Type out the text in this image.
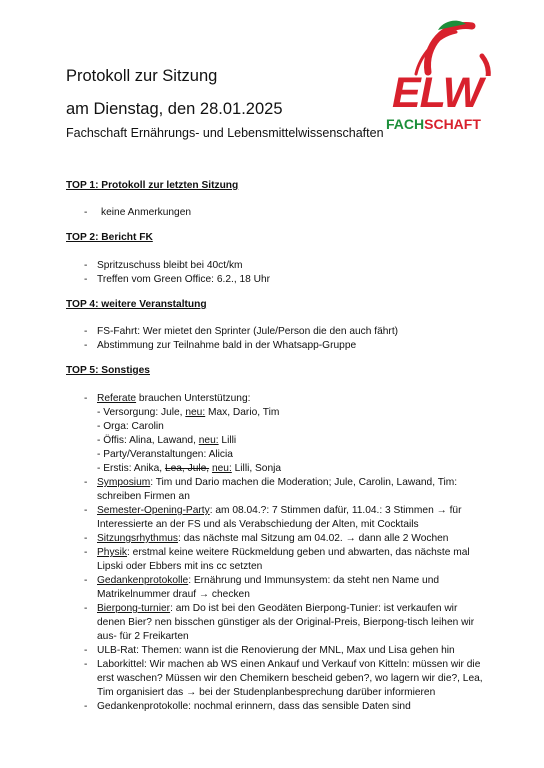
Protokoll zur Sitzung
am Dienstag, den 28.01.2025
Fachschaft Ernährungs- und Lebensmittelwissenschaften
ELW
FACHSCHAFT
TOP 1: Protokoll zur letzten Sitzung
- keine Anmerkungen
TOP 2: Bericht FK
- Spritzuschuss bleibt bei 40ct/km
- Treffen vom Green Office: 6.2., 18 Uhr
TOP 4: weitere Veranstaltung
- FS-Fahrt: Wer mietet den Sprinter (Jule/Person die den auch fährt)
- Abstimmung zur Teilnahme bald in der Whatsapp-Gruppe
TOP 5: Sonstiges
- Referate brauchen Unterstützung:
- Versorgung: Jule, neu: Max, Dario, Tim
- Orga: Carolin
- Öffis: Alina, Lawand, neu: Lilli
- Party/Veranstaltungen: Alicia
- Erstis: Anika, Lea, Jule, neu: Lilli, Sonja
- Symposium: Tim und Dario machen die Moderation; Jule, Carolin, Lawand, Tim:
schreiben Firmen an
- Semester-Opening-Party: am 08.04.?: 7 Stimmen dafür, 11.04.: 3 Stimmen → für
Interessierte an der FS und als Verabschiedung der Alten, mit Cocktails
- Sitzungsrhythmus: das nächste mal Sitzung am 04.02. → dann alle 2 Wochen
- Physik: erstmal keine weitere Rückmeldung geben und abwarten, das nächste mal
Lipski oder Ebbers mit ins cc setzten
- Gedankenprotokolle: Ernährung und Immunsystem: da steht nen Name und
Matrikelnummer drauf → checken
- Bierpong-turnier: am Do ist bei den Geodäten Bierpong-Tunier: ist verkaufen wir
denen Bier? nen bisschen günstiger als der Original-Preis, Bierpong-tisch leihen wir
aus- für 2 Freikarten
- ULB-Rat: Themen: wann ist die Renovierung der MNL, Max und Lisa gehen hin
- Laborkittel: Wir machen ab WS einen Ankauf und Verkauf von Kitteln: müssen wir die
erst waschen? Müssen wir den Chemikern bescheid geben?, wo lagern wir die?, Lea,
Tim organisiert das → bei der Studenplanbesprechung darüber informieren
- Gedankenprotokolle: nochmal erinnern, dass das sensible Daten sind
